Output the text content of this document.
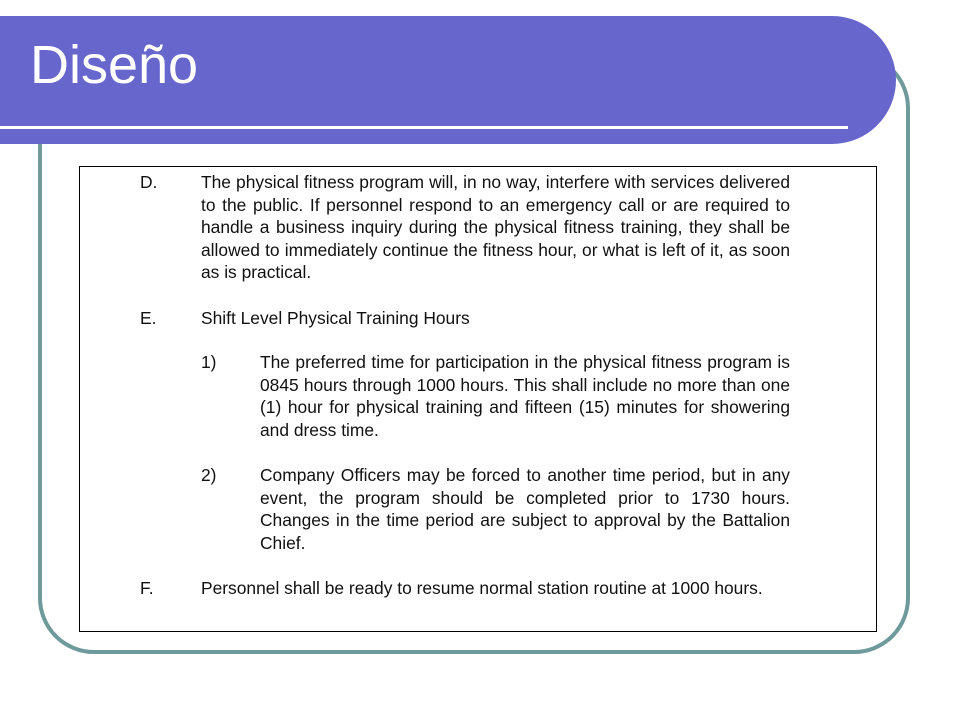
Diseño
D.	The physical fitness program will, in no way, interfere with services delivered to the public. If personnel respond to an emergency call or are required to handle a business inquiry during the physical fitness training, they shall be allowed to immediately continue the fitness hour, or what is left of it, as soon as is practical.

E.	Shift Level Physical Training Hours

1)	The preferred time for participation in the physical fitness program is 0845 hours through 1000 hours. This shall include no more than one (1) hour for physical training and fifteen (15) minutes for showering and dress time.

2)	Company Officers may be forced to another time period, but in any event, the program should be completed prior to 1730 hours. Changes in the time period are subject to approval by the Battalion Chief.

F.	Personnel shall be ready to resume normal station routine at 1000 hours.
